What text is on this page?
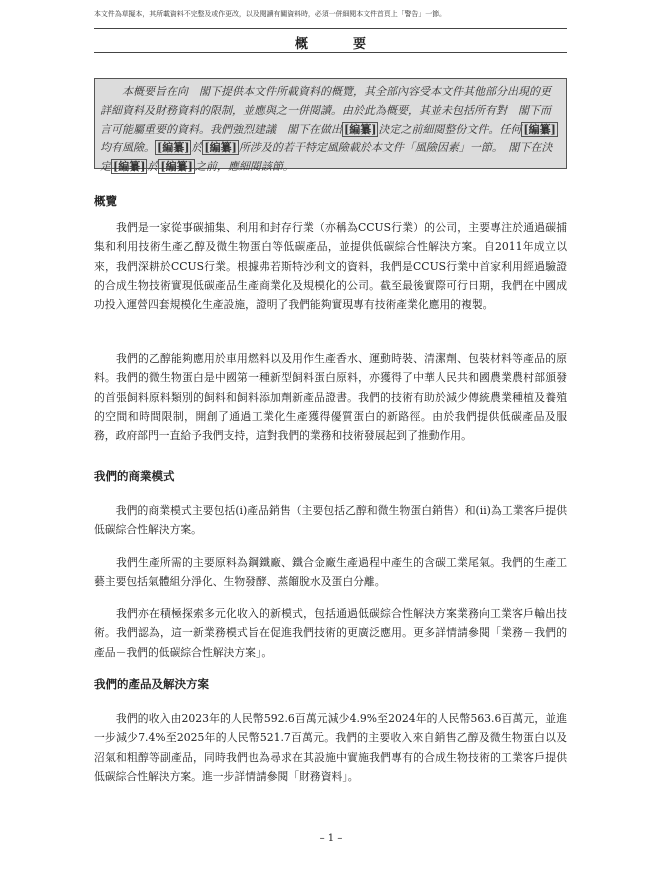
本文件為草擬本，其所載資料不完整及或作更改，以及閱讀有關資料時，必須一併細閱本文件首頁上「警告」一節。
概　要

　　本概要旨在向　閣下提供本文件所載資料的概覽，其全部內容受本文件其他部分出現的更詳細資料及財務資料的限制，並應與之一併閱讀。由於此為概要，其並未包括所有對　閣下而言可能屬重要的資料。我們強烈建議　閣下在做出 [編纂] 決定之前細閱整份文件。任何 [編纂]均有風險。 [編纂] 於 [編纂] 所涉及的若干特定風險載於本文件「風險因素」一節。　閣下在決定 [編纂] 於 [編纂] 之前，應細閱該節。

概覽

　　我們是一家從事碳捕集、利用和封存行業（亦稱為CCUS行業）的公司，主要專注於通過碳捕集和利用技術生產乙醇及微生物蛋白等低碳產品，並提供低碳綜合性解決方案。自2011年成立以來，我們深耕於CCUS行業。根據弗若斯特沙利文的資料，我們是CCUS行業中首家利用經過驗證的合成生物技術實現低碳產品生產商業化及規模化的公司。截至最後實際可行日期，我們在中國成功投入運營四套規模化生產設施，證明了我們能夠實現專有技術產業化應用的複製。

　　我們的乙醇能夠應用於車用燃料以及用作生產香水、運動時裝、清潔劑、包裝材料等產品的原料。我們的微生物蛋白是中國第一種新型飼料蛋白原料，亦獲得了中華人民共和國農業農村部頒發的首張飼料原料類別的飼料和飼料添加劑新產品證書。我們的技術有助於減少傳統農業種植及養殖的空間和時間限制，開創了通過工業化生產獲得優質蛋白的新路徑。由於我們提供低碳產品及服務，政府部門一直給予我們支持，這對我們的業務和技術發展起到了推動作用。

我們的商業模式

　　我們的商業模式主要包括(i)產品銷售（主要包括乙醇和微生物蛋白銷售）和(ii)為工業客戶提供低碳綜合性解決方案。

　　我們生產所需的主要原料為鋼鐵廠、鐵合金廠生產過程中產生的含碳工業尾氣。我們的生產工藝主要包括氣體組分淨化、生物發酵、蒸餾脫水及蛋白分離。

　　我們亦在積極探索多元化收入的新模式，包括通過低碳綜合性解決方案業務向工業客戶輸出技術。我們認為，這一新業務模式旨在促進我們技術的更廣泛應用。更多詳情請參閱「業務－我們的產品－我們的低碳綜合性解決方案」。

我們的產品及解決方案

　　我們的收入由2023年的人民幣592.6百萬元減少4.9%至2024年的人民幣563.6百萬元，並進一步減少7.4%至2025年的人民幣521.7百萬元。我們的主要收入來自銷售乙醇及微生物蛋白以及沼氣和粗醇等副產品，同時我們也為尋求在其設施中實施我們專有的合成生物技術的工業客戶提供低碳綜合性解決方案。進一步詳情請參閱「財務資料」。

– 1 –
